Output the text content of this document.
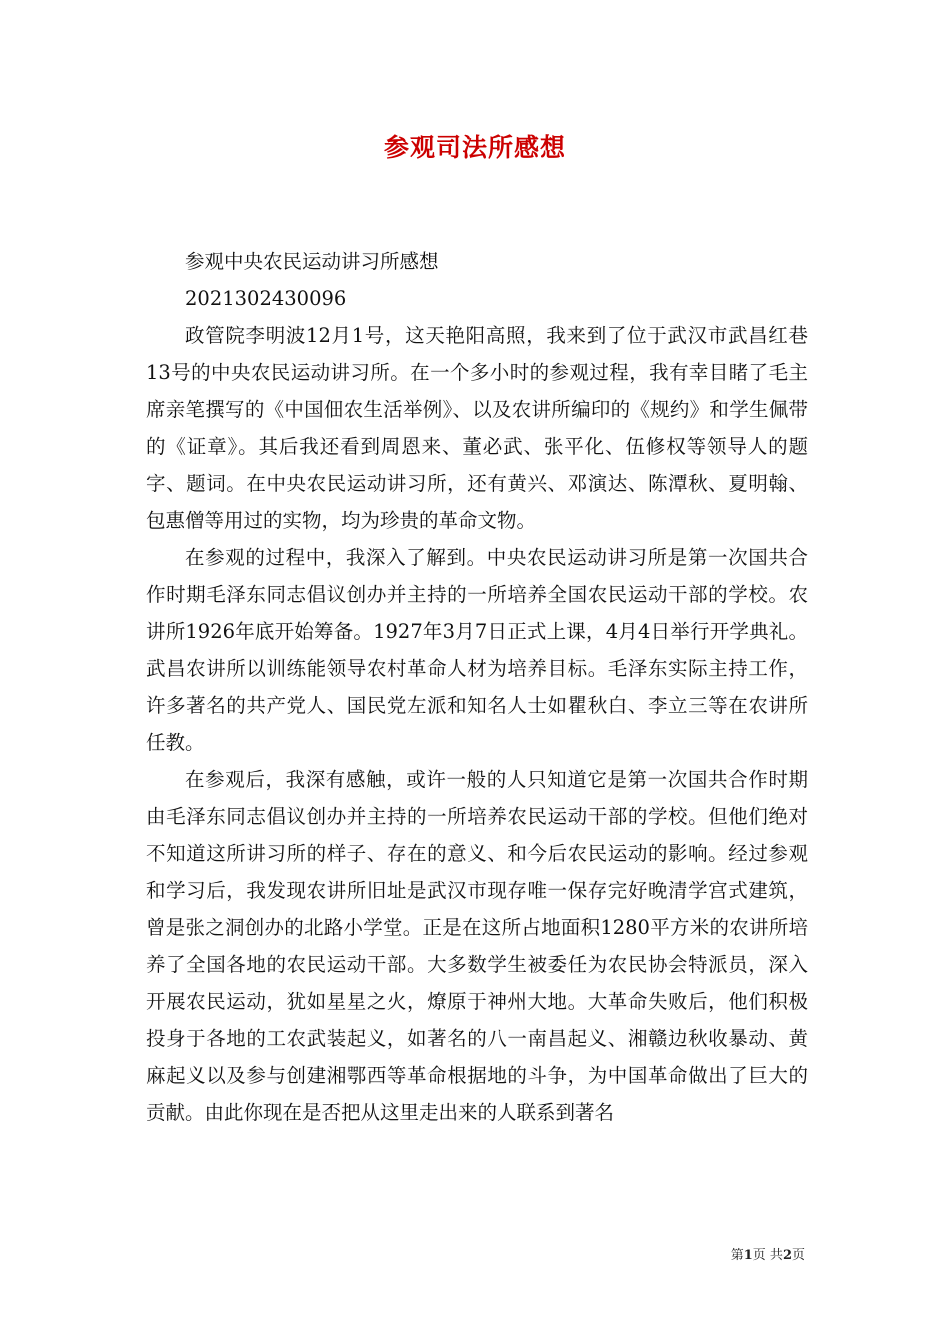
参观司法所感想

参观中央农民运动讲习所感想

2021302430096

政管院李明波12月1号，这天艳阳高照，我来到了位于武汉市武昌红巷13号的中央农民运动讲习所。在一个多小时的参观过程，我有幸目睹了毛主席亲笔撰写的《中国佃农生活举例》、以及农讲所编印的《规约》和学生佩带的《证章》。其后我还看到周恩来、董必武、张平化、伍修权等领导人的题字、题词。在中央农民运动讲习所，还有黄兴、邓演达、陈潭秋、夏明翰、包惠僧等用过的实物，均为珍贵的革命文物。

在参观的过程中，我深入了解到。中央农民运动讲习所是第一次国共合作时期毛泽东同志倡议创办并主持的一所培养全国农民运动干部的学校。农讲所1926年底开始筹备。1927年3月7日正式上课，4月4日举行开学典礼。武昌农讲所以训练能领导农村革命人材为培养目标。毛泽东实际主持工作，许多著名的共产党人、国民党左派和知名人士如瞿秋白、李立三等在农讲所任教。

在参观后，我深有感触，或许一般的人只知道它是第一次国共合作时期由毛泽东同志倡议创办并主持的一所培养农民运动干部的学校。但他们绝对不知道这所讲习所的样子、存在的意义、和今后农民运动的影响。经过参观和学习后，我发现农讲所旧址是武汉市现存唯一保存完好晚清学宫式建筑，曾是张之洞创办的北路小学堂。正是在这所占地面积1280平方米的农讲所培养了全国各地的农民运动干部。大多数学生被委任为农民协会特派员，深入开展农民运动，犹如星星之火，燎原于神州大地。大革命失败后，他们积极投身于各地的工农武装起义，如著名的八一南昌起义、湘赣边秋收暴动、黄麻起义以及参与创建湘鄂西等革命根据地的斗争，为中国革命做出了巨大的贡献。由此你现在是否把从这里走出来的人联系到著名

第1页 共2页
